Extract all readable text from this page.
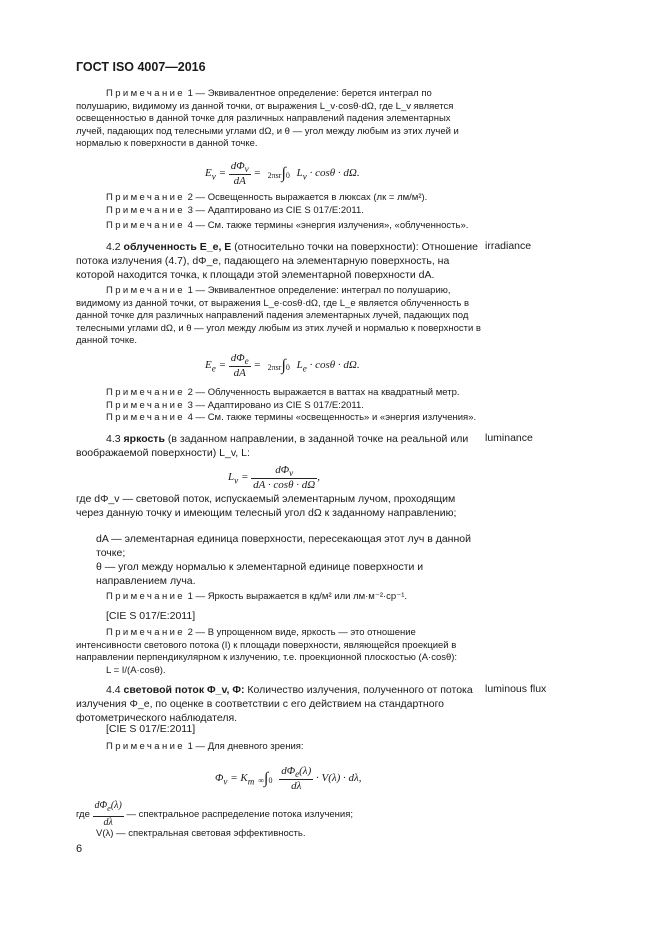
ГОСТ ISO 4007—2016
Примечание 1 — Эквивалентное определение: берется интеграл по полушарию, видимому из данной точки, от выражения L_v·cosθ·dΩ, где L_v является освещенностью в данной точке для различных направлений падения элементарных лучей, падающих под телесными углами dΩ, и θ — угол между любым из этих лучей и нормалью к поверхности в данной точке.
$E_v = \frac{d\Phi_v}{dA} = 2\pi sr\int 0$ $L_v \cdot \cos\theta \cdot d\Omega$.
Примечание 2 — Освещенность выражается в люксах (лк = лм/м²).
Примечание 3 — Адаптировано из CIE S 017/E:2011.
Примечание 4 — См. также термины «энергия излучения», «облученность».
4.2 облученность E_e, E (относительно точки на поверхности): Отношение потока излучения (4.7), dΦ_e, падающего на элементарную поверхность, на которой находится точка, к площади этой элементарной поверхности dA.
irradiance
Примечание 1 — Эквивалентное определение: интеграл по полушарию, видимому из данной точки, от выражения L_e·cosθ·dΩ, где L_e является облученность в данной точке для различных направлений падения элементарных лучей, падающих под телесными углами dΩ, и θ — угол между любым из этих лучей и нормалью к поверхности в данной точке.
$E_e = \frac{d\Phi_e}{dA} = 2\pi sr\int 0$ $L_e \cdot \cos\theta \cdot d\Omega$.
Примечание 2 — Облученность выражается в ваттах на квадратный метр.
Примечание 3 — Адаптировано из CIE S 017/E:2011.
Примечание 4 — См. также термины «освещенность» и «энергия излучения».
4.3 яркость (в заданном направлении, в заданной точке на реальной или воображаемой поверхности) L_v, L:
luminance
$L_v = \frac{d\Phi_v}{dA \cdot \cos\theta \cdot d\Omega}$ ,
где dΦ_v — световой поток, испускаемый элементарным лучом, проходящим через данную точку и имеющим телесный угол dΩ к заданному направлению;
dA — элементарная единица поверхности, пересекающая этот луч в данной точке;
θ — угол между нормалью к элементарной единице поверхности и направлением луча.
Примечание 1 — Яркость выражается в кд/м² или лм·м⁻²·ср⁻¹.
[CIE S 017/E:2011]
Примечание 2 — В упрощенном виде, яркость — это отношение интенсивности светового потока (I) к площади поверхности, являющейся проекцией в направлении перпендикулярном к излучению, т.е. проекционной плоскостью (A·cosθ):
L = I/(A·cosθ).
4.4 световой поток Φ_v, Φ: Количество излучения, полученного от потока излучения Φ_e, по оценке в соответствии с его действием на стандартного фотометрического наблюдателя.
luminous flux
[CIE S 017/E:2011]
Примечание 1 — Для дневного зрения:
$\Phi_v = K_m$ $\infty\int 0 \frac{d\Phi_e(\lambda)}{d\lambda} \cdot V(\lambda) \cdot d\lambda$,
где $\frac{d\Phi_e(\lambda)}{d\lambda}$ — спектральное распределение потока излучения;
V(λ) — спектральная световая эффективность.
6
